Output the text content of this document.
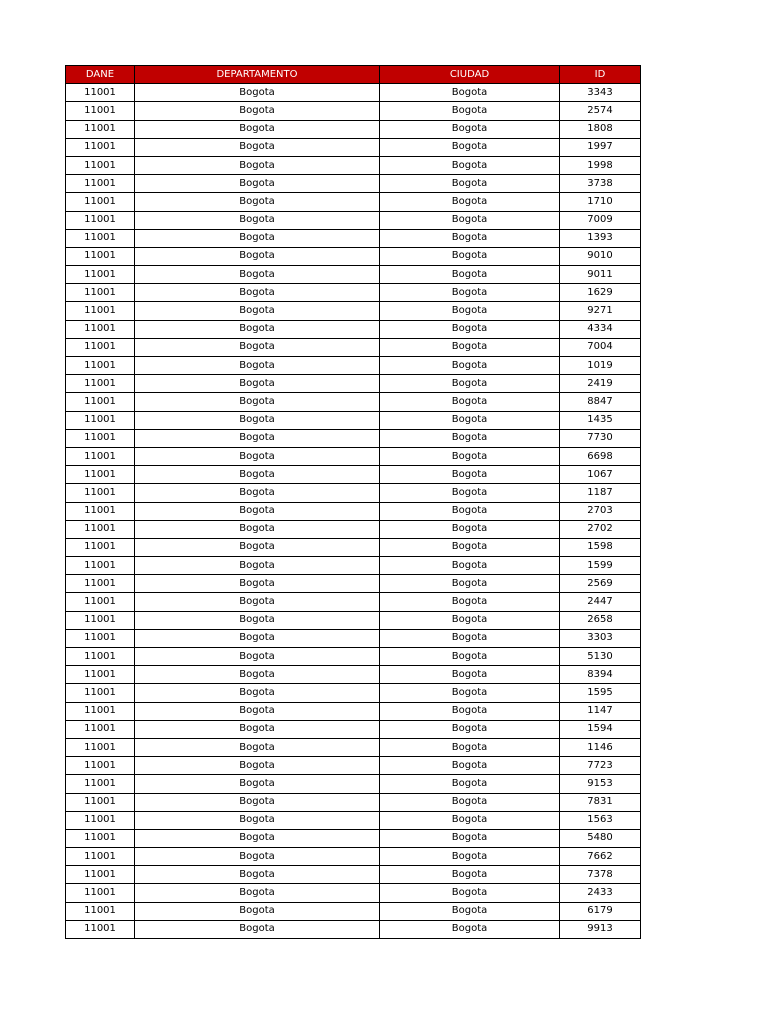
DANE	DEPARTAMENTO	CIUDAD	ID
11001	Bogota	Bogota	3343
11001	Bogota	Bogota	2574
11001	Bogota	Bogota	1808
11001	Bogota	Bogota	1997
11001	Bogota	Bogota	1998
11001	Bogota	Bogota	3738
11001	Bogota	Bogota	1710
11001	Bogota	Bogota	7009
11001	Bogota	Bogota	1393
11001	Bogota	Bogota	9010
11001	Bogota	Bogota	9011
11001	Bogota	Bogota	1629
11001	Bogota	Bogota	9271
11001	Bogota	Bogota	4334
11001	Bogota	Bogota	7004
11001	Bogota	Bogota	1019
11001	Bogota	Bogota	2419
11001	Bogota	Bogota	8847
11001	Bogota	Bogota	1435
11001	Bogota	Bogota	7730
11001	Bogota	Bogota	6698
11001	Bogota	Bogota	1067
11001	Bogota	Bogota	1187
11001	Bogota	Bogota	2703
11001	Bogota	Bogota	2702
11001	Bogota	Bogota	1598
11001	Bogota	Bogota	1599
11001	Bogota	Bogota	2569
11001	Bogota	Bogota	2447
11001	Bogota	Bogota	2658
11001	Bogota	Bogota	3303
11001	Bogota	Bogota	5130
11001	Bogota	Bogota	8394
11001	Bogota	Bogota	1595
11001	Bogota	Bogota	1147
11001	Bogota	Bogota	1594
11001	Bogota	Bogota	1146
11001	Bogota	Bogota	7723
11001	Bogota	Bogota	9153
11001	Bogota	Bogota	7831
11001	Bogota	Bogota	1563
11001	Bogota	Bogota	5480
11001	Bogota	Bogota	7662
11001	Bogota	Bogota	7378
11001	Bogota	Bogota	2433
11001	Bogota	Bogota	6179
11001	Bogota	Bogota	9913
